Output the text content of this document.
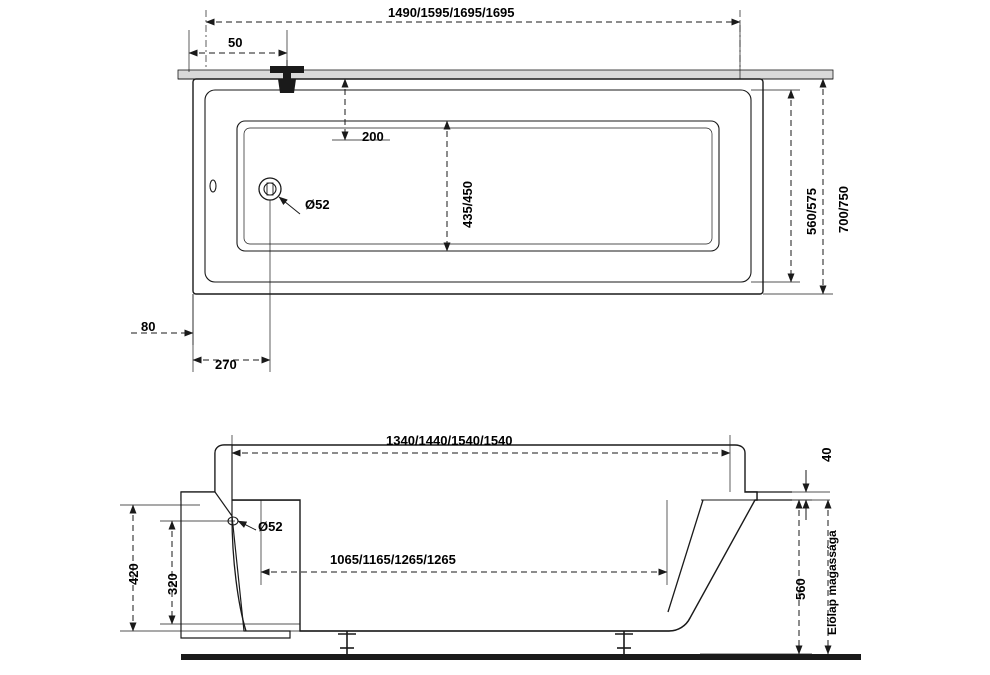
1490/1595/1695/1695
50
200
435/450	560/575 700/750
80
270
Ø52
1340/1440/1540/1540
1065/1165/1265/1265
420 320
40
560 Előlap magassága
Ø52
